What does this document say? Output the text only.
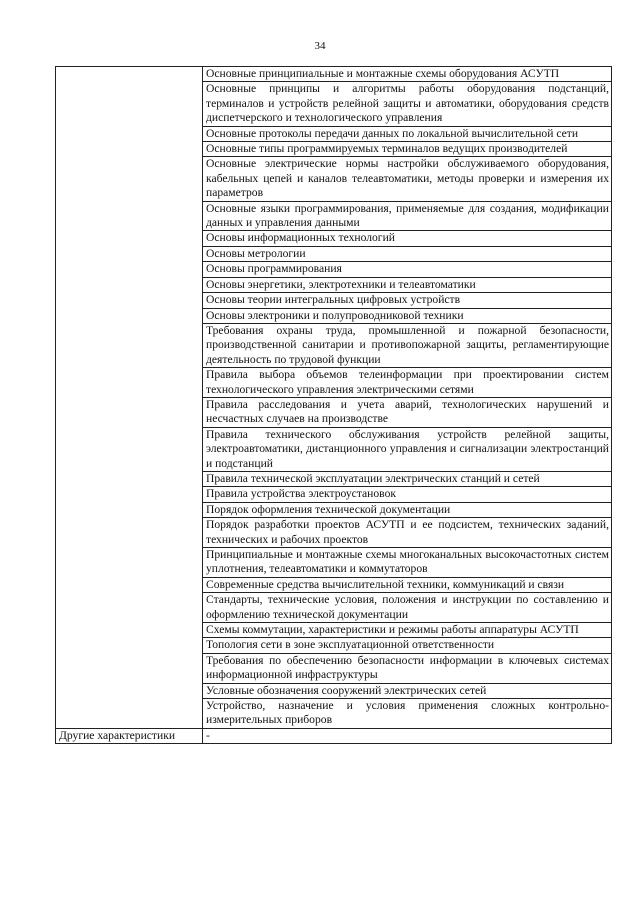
34
	Основные принципиальные и монтажные схемы оборудования АСУТП
	Основные принципы и алгоритмы работы оборудования подстанций, терминалов и устройств релейной защиты и автоматики, оборудования средств диспетчерского и технологического управления
	Основные протоколы передачи данных по локальной вычислительной сети
	Основные типы программируемых терминалов ведущих производителей
	Основные электрические нормы настройки обслуживаемого оборудования, кабельных цепей и каналов телеавтоматики, методы проверки и измерения их параметров
	Основные языки программирования, применяемые для создания, модификации данных и управления данными
	Основы информационных технологий
	Основы метрологии
	Основы программирования
	Основы энергетики, электротехники и телеавтоматики
	Основы теории интегральных цифровых устройств
	Основы электроники и полупроводниковой техники
	Требования охраны труда, промышленной и пожарной безопасности, производственной санитарии и противопожарной защиты, регламентирующие деятельность по трудовой функции
	Правила выбора объемов телеинформации при проектировании систем технологического управления электрическими сетями
	Правила расследования и учета аварий, технологических нарушений и несчастных случаев на производстве
	Правила технического обслуживания устройств релейной защиты, электроавтоматики, дистанционного управления и сигнализации электростанций и подстанций
	Правила технической эксплуатации электрических станций и сетей
	Правила устройства электроустановок
	Порядок оформления технической документации
	Порядок разработки проектов АСУТП и ее подсистем, технических заданий, технических и рабочих проектов
	Принципиальные и монтажные схемы многоканальных высокочастотных систем уплотнения, телеавтоматики и коммутаторов
	Современные средства вычислительной техники, коммуникаций и связи
	Стандарты, технические условия, положения и инструкции по составлению и оформлению технической документации
	Схемы коммутации, характеристики и режимы работы аппаратуры АСУТП
	Топология сети в зоне эксплуатационной ответственности
	Требования по обеспечению безопасности информации в ключевых системах информационной инфраструктуры
	Условные обозначения сооружений электрических сетей
	Устройство, назначение и условия применения сложных контрольно-измерительных приборов
Другие характеристики	-
